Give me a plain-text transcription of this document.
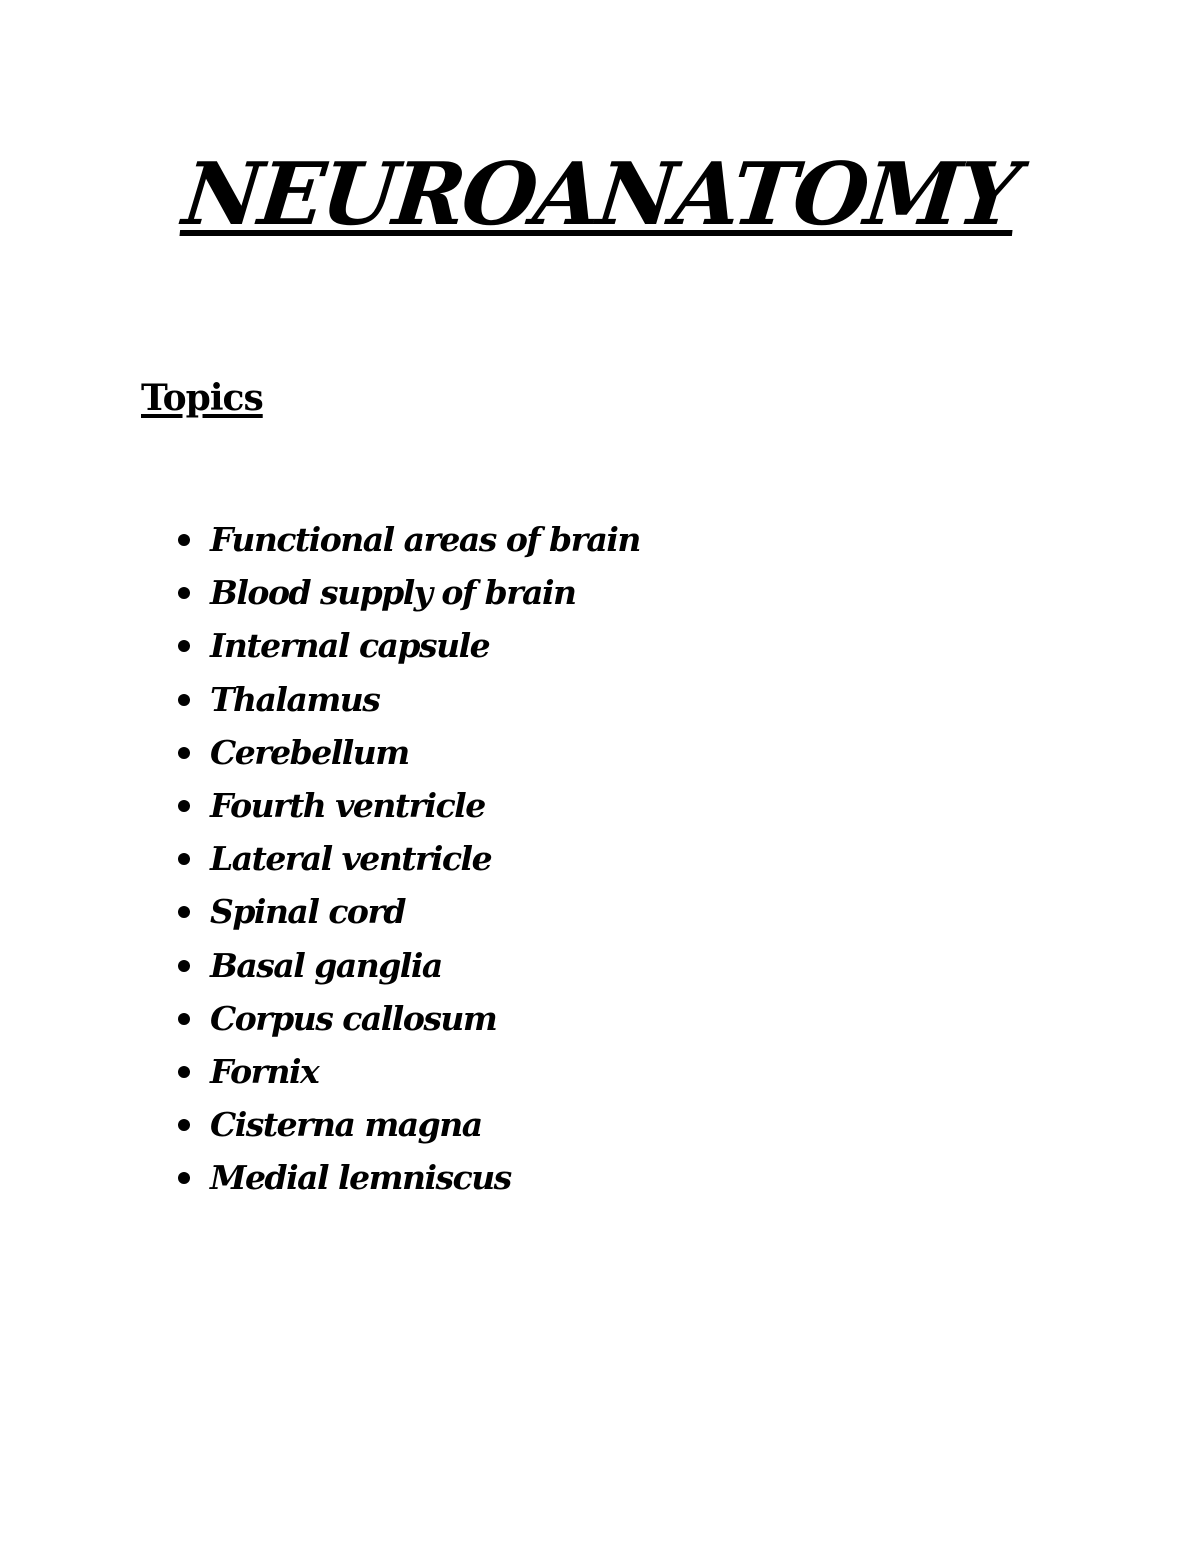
NEUROANATOMY
Topics
Functional areas of brain
Blood supply of brain
Internal capsule
Thalamus
Cerebellum
Fourth ventricle
Lateral ventricle
Spinal cord
Basal ganglia
Corpus callosum
Fornix
Cisterna magna
Medial lemniscus
